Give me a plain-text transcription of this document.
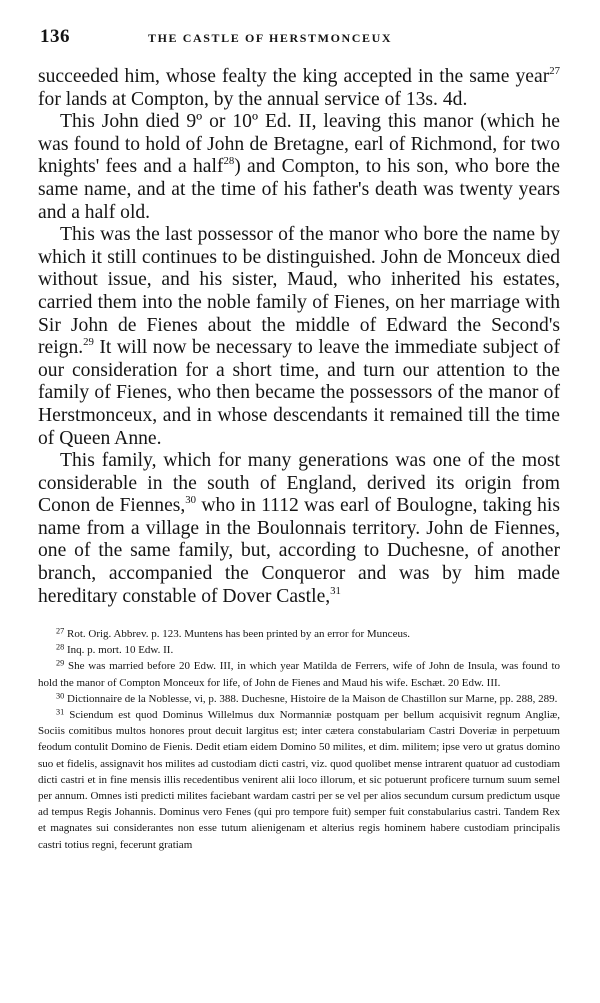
136	THE CASTLE OF HERSTMONCEUX

succeeded him, whose fealty the king accepted in the same year$^{27}$ for lands at Compton, by the annual service of 13s. 4d.

This John died 9º or 10º Ed. II, leaving this manor (which he was found to hold of John de Bretagne, earl of Richmond, for two knights' fees and a half$^{28}$) and Compton, to his son, who bore the same name, and at the time of his father's death was twenty years and a half old.

This was the last possessor of the manor who bore the name by which it still continues to be distinguished. John de Monceux died without issue, and his sister, Maud, who inherited his estates, carried them into the noble family of Fienes, on her marriage with Sir John de Fienes about the middle of Edward the Second's reign.$^{29}$ It will now be necessary to leave the immediate subject of our consideration for a short time, and turn our attention to the family of Fienes, who then became the possessors of the manor of Herstmonceux, and in whose descendants it remained till the time of Queen Anne.

This family, which for many generations was one of the most considerable in the south of England, derived its origin from Conon de Fiennes,$^{30}$ who in 1112 was earl of Boulogne, taking his name from a village in the Boulonnais territory. John de Fiennes, one of the same family, but, according to Duchesne, of another branch, accompanied the Conqueror and was by him made hereditary constable of Dover Castle,$^{31}$

$^{27}$ Rot. Orig. Abbrev. p. 123. Muntens has been printed by an error for Munceus.

$^{28}$ Inq. p. mort. 10 Edw. II.

$^{29}$ She was married before 20 Edw. III, in which year Matilda de Ferrers, wife of John de Insula, was found to hold the manor of Compton Monceux for life, of John de Fienes and Maud his wife. Eschæt. 20 Edw. III.

$^{30}$ Dictionnaire de la Noblesse, vi, p. 388. Duchesne, Histoire de la Maison de Chastillon sur Marne, pp. 288, 289.

$^{31}$ Sciendum est quod Dominus Willelmus dux Normanniæ postquam per bellum acquisivit regnum Angliæ, Sociis comitibus multos honores prout decuit largitus est; inter cætera constabulariam Castri Doveriæ in perpetuum feodum contulit Domino de Fienis. Dedit etiam eidem Domino 50 milites, et dim. militem; ipse vero ut gratus domino suo et fidelis, assignavit hos milites ad custodiam dicti castri, viz. quod quolibet mense intrarent quatuor ad custodiam dicti castri et in fine mensis illis recedentibus venirent alii loco illorum, et sic potuerunt proficere turnum suum semel per annum. Omnes isti predicti milites faciebant wardam castri per se vel per alios secundum cursum predictum usque ad tempus Regis Johannis. Dominus vero Fenes (qui pro tempore fuit) semper fuit constabularius castri. Tandem Rex et magnates sui considerantes non esse tutum alienigenam et alterius regis hominem habere custodiam principalis castri totius regni, fecerunt gratiam
